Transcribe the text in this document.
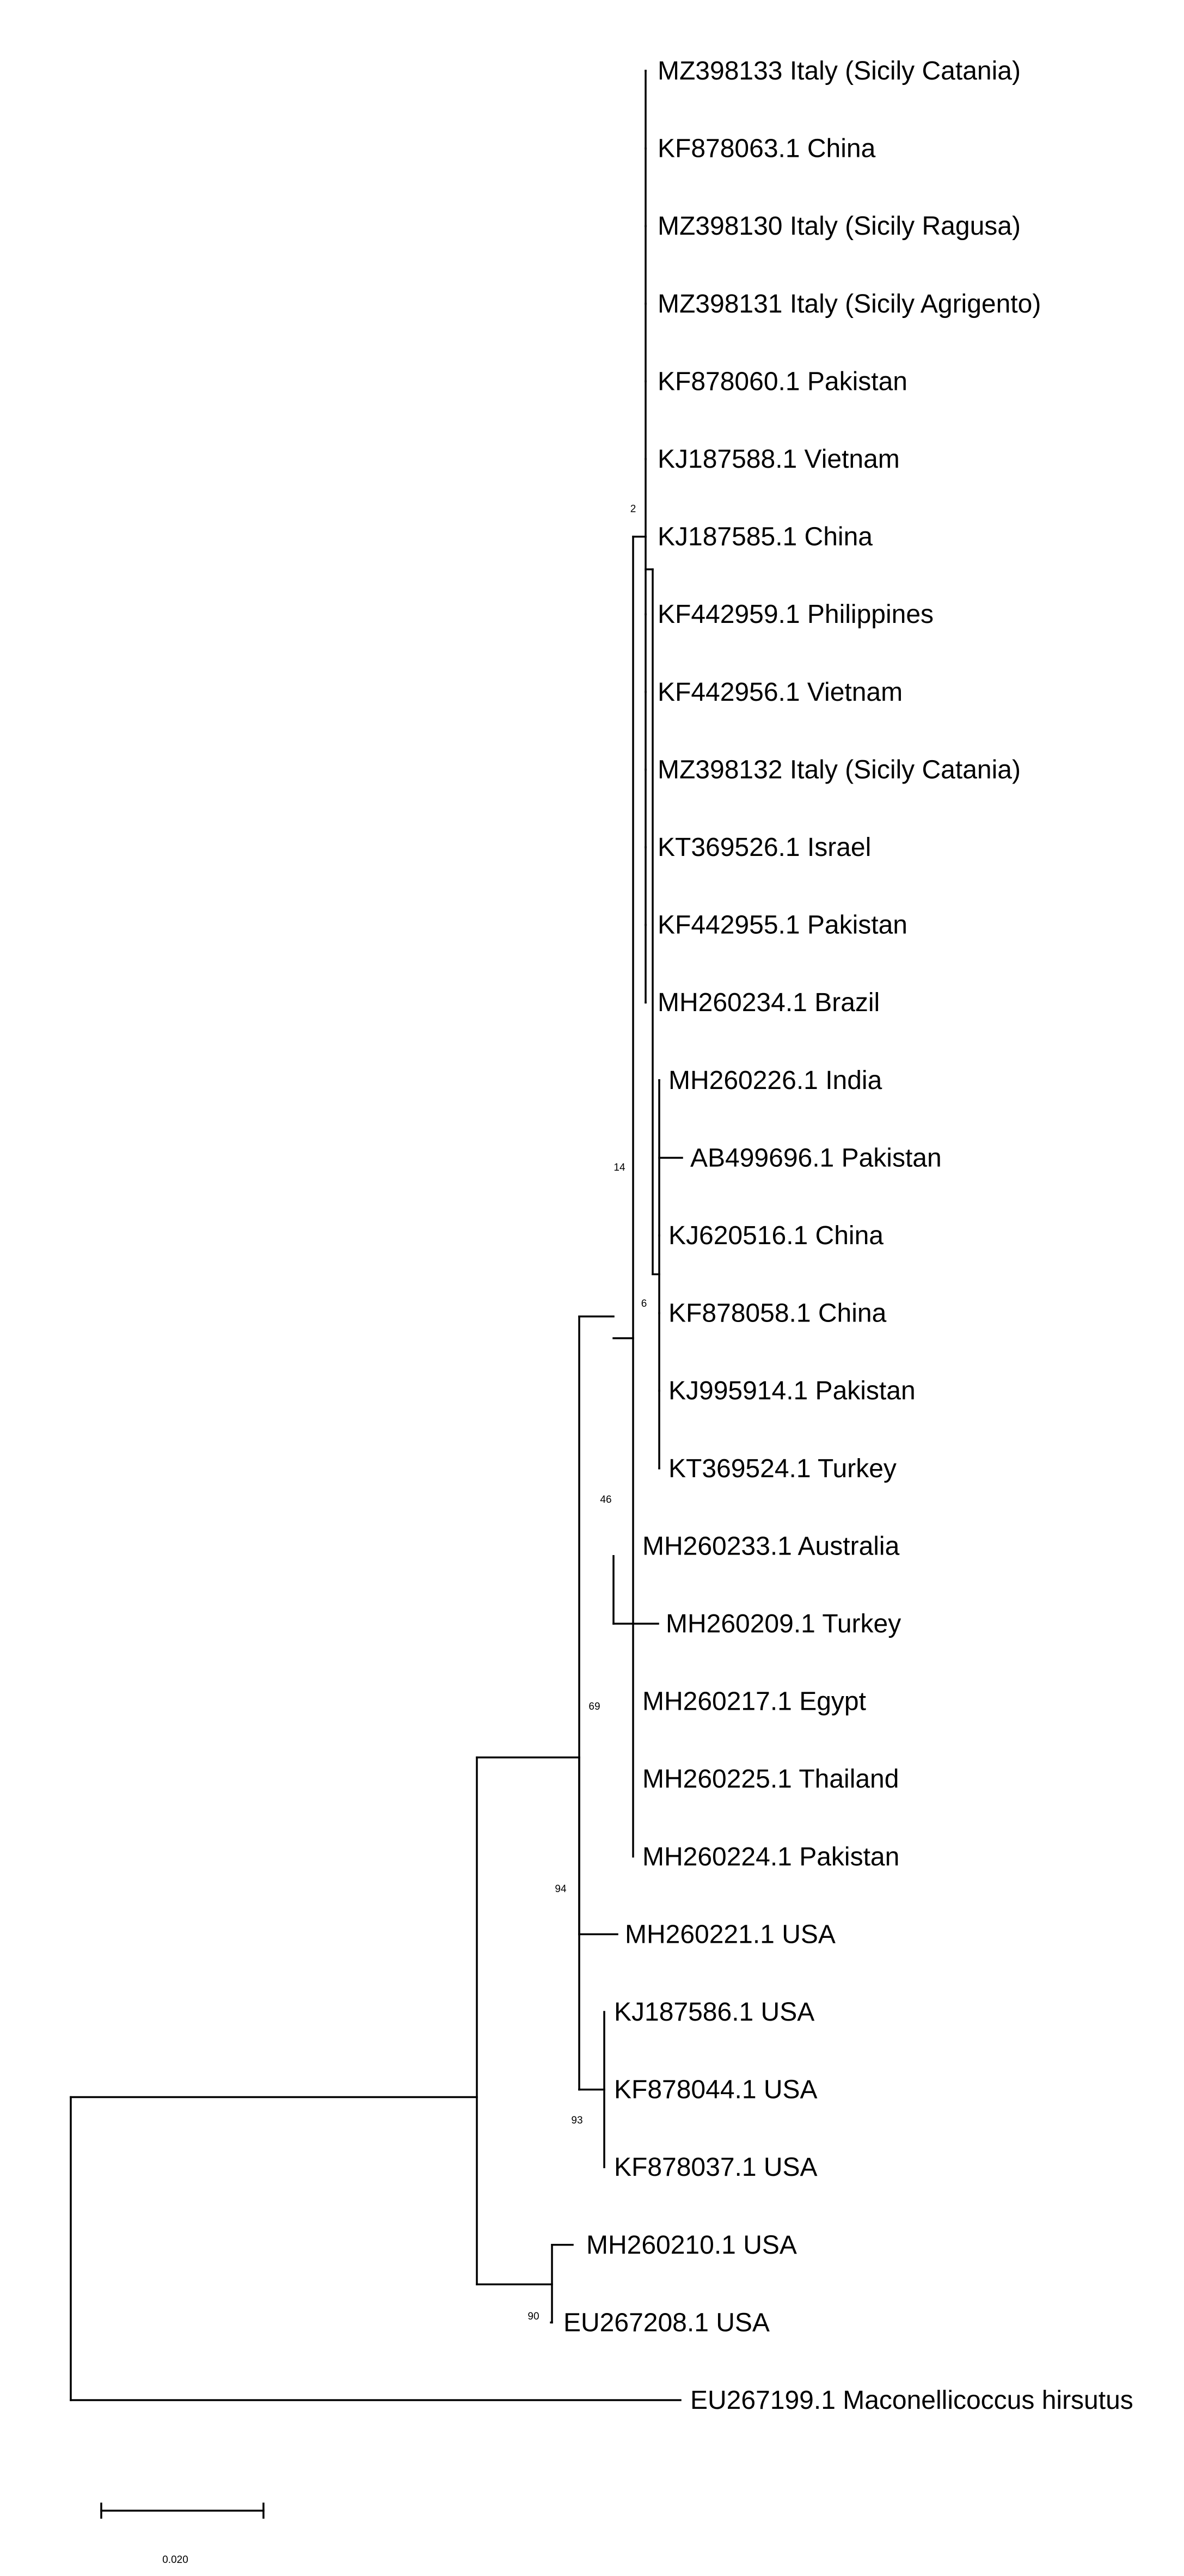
MZ398133 Italy (Sicily Catania)
KF878063.1 China
MZ398130 Italy (Sicily Ragusa)
MZ398131 Italy (Sicily Agrigento)
KF878060.1 Pakistan
KJ187588.1 Vietnam
KJ187585.1 China
KF442959.1 Philippines
KF442956.1 Vietnam
MZ398132 Italy (Sicily Catania)
KT369526.1 Israel
KF442955.1 Pakistan
MH260234.1 Brazil
MH260226.1 India
AB499696.1 Pakistan
KJ620516.1 China
KF878058.1 China
KJ995914.1 Pakistan
KT369524.1 Turkey
MH260233.1 Australia
MH260209.1 Turkey
MH260217.1 Egypt
MH260225.1 Thailand
MH260224.1 Pakistan
MH260221.1 USA
KJ187586.1 USA
KF878044.1 USA
KF878037.1 USA
MH260210.1 USA
EU267208.1 USA
EU267199.1 Maconellicoccus hirsutus
2
14
6
46
69
94
93
90
0.020
